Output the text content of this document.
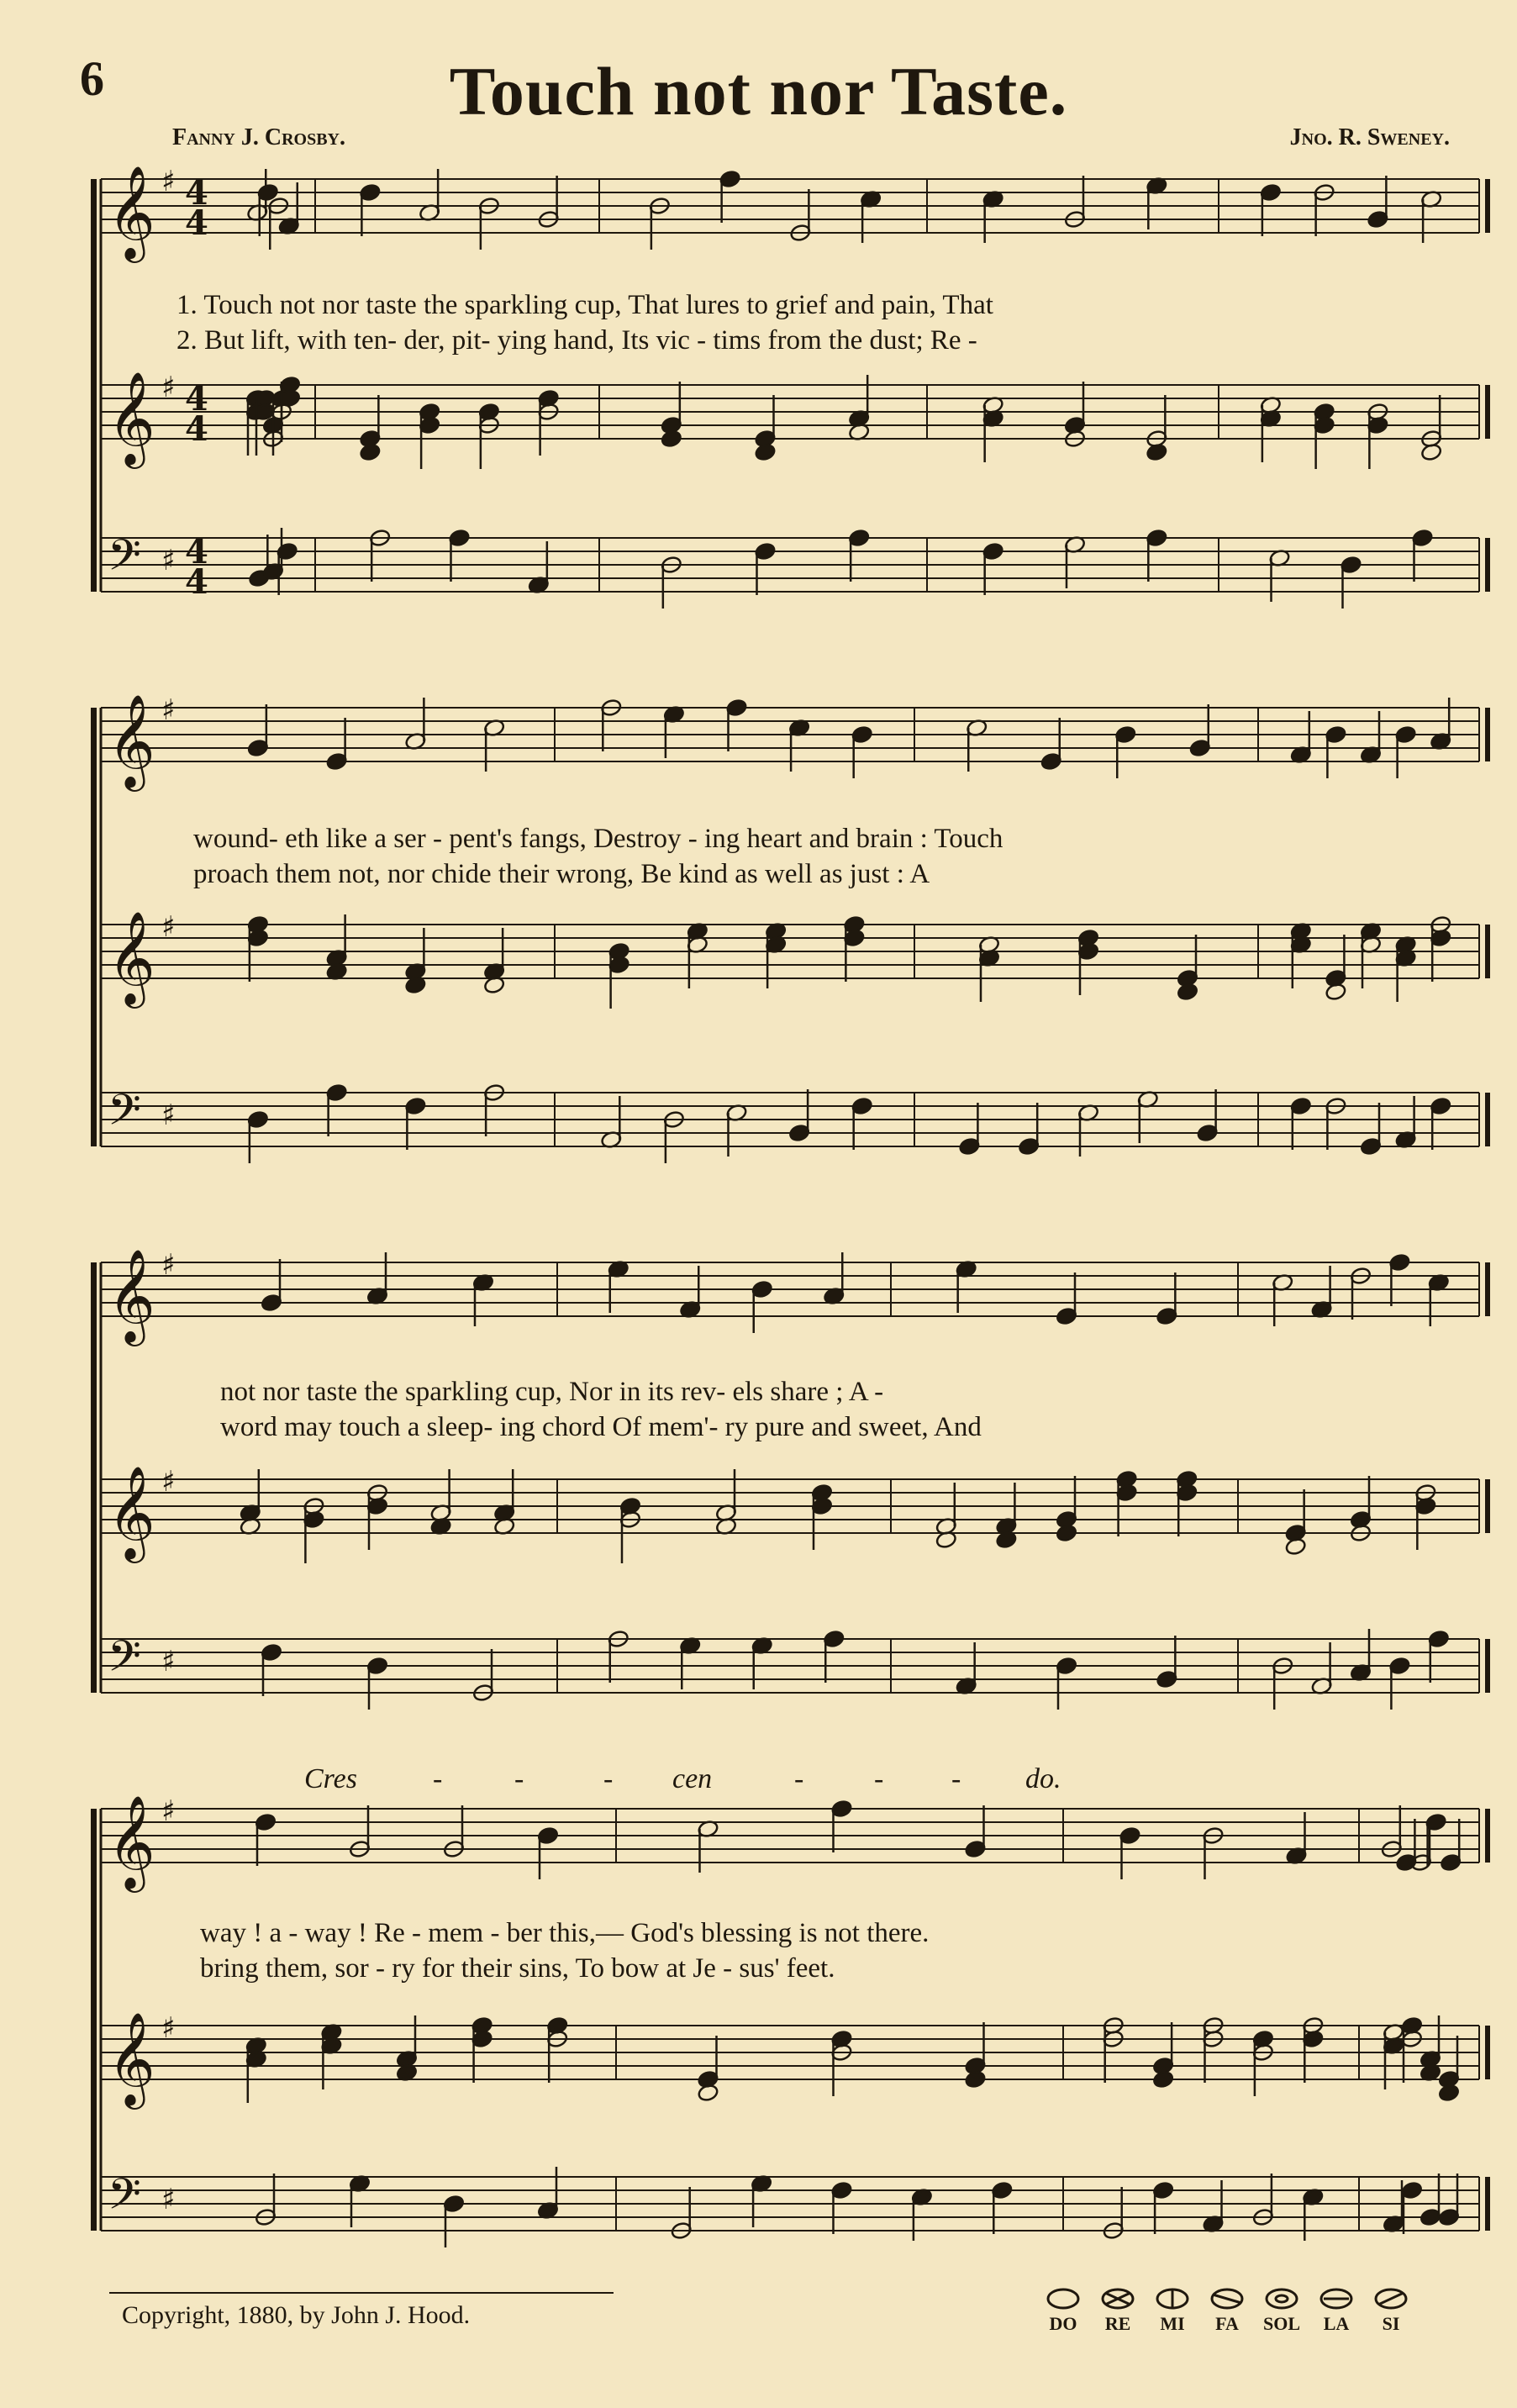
6	Touch not nor Taste.
Fanny J. Crosby.	Jno. R. Sweney.
𝄞 ♯ 4
4
𝄞 ♯ 4
4
𝄢 ♯ 4
4
𝄞 ♯
𝄞 ♯
𝄢 ♯
𝄞 ♯
𝄞 ♯
𝄢 ♯
𝄞 ♯
𝄞 ♯
𝄢 ♯
1. Touch not nor taste the sparkling cup, That lures to grief and pain, That
2. But lift, with ten- der, pit- ying hand, Its vic - tims from the dust; Re -
wound- eth like a ser - pent's fangs, Destroy - ing heart and brain : Touch
proach them not, nor chide their wrong, Be kind as well as just : A
not nor taste the sparkling cup, Nor in its rev- els share ; A -
word may touch a sleep- ing chord Of mem'- ry pure and sweet, And
Cres	-	-	- cen	- - - do.
way ! a - way ! Re - mem - ber this,— God's blessing is not there.
bring them, sor - ry for their sins, To bow at Je - sus' feet.
Copyright, 1880, by John J. Hood.	DO	RE	MI	FA	SOL	LA	SI
